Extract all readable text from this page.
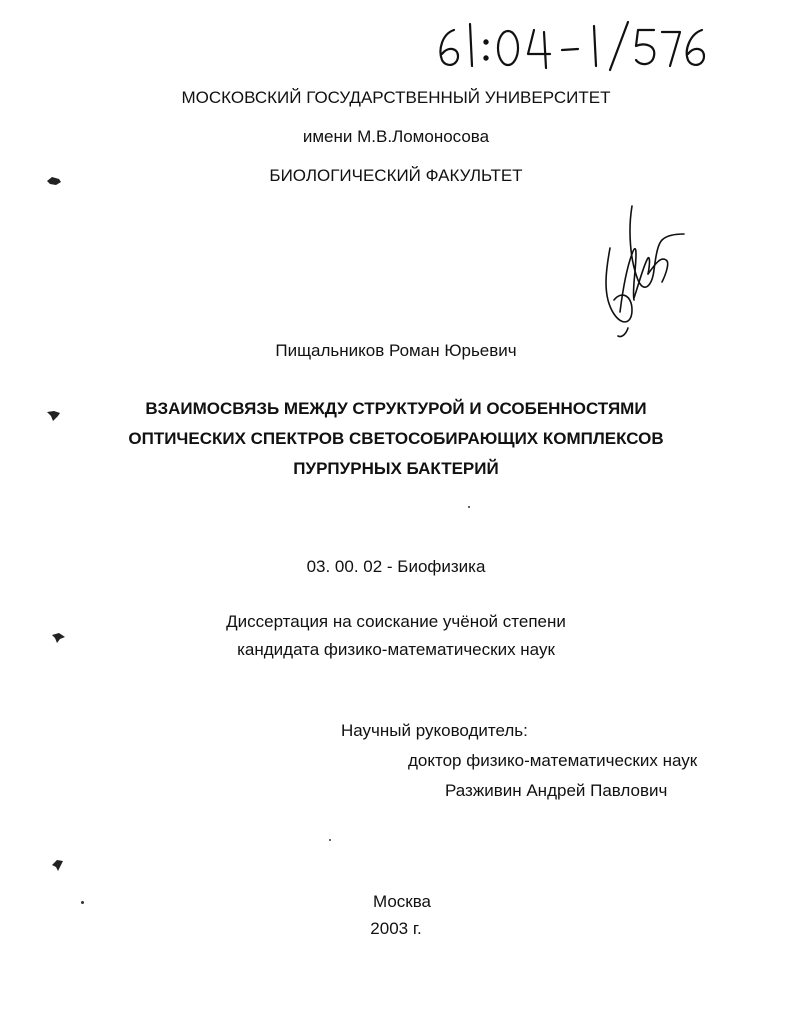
МОСКОВСКИЙ ГОСУДАРСТВЕННЫЙ УНИВЕРСИТЕТ
имени М.В.Ломоносова
БИОЛОГИЧЕСКИЙ ФАКУЛЬТЕТ
Пищальников Роман Юрьевич
ВЗАИМОСВЯЗЬ МЕЖДУ СТРУКТУРОЙ И ОСОБЕННОСТЯМИ
ОПТИЧЕСКИХ СПЕКТРОВ СВЕТОСОБИРАЮЩИХ КОМПЛЕКСОВ
ПУРПУРНЫХ БАКТЕРИЙ
03. 00. 02 - Биофизика
Диссертация на соискание учёной степени
кандидата физико-математических наук
Научный руководитель:
доктор физико-математических наук
Разживин Андрей Павлович
Москва
2003 г.
